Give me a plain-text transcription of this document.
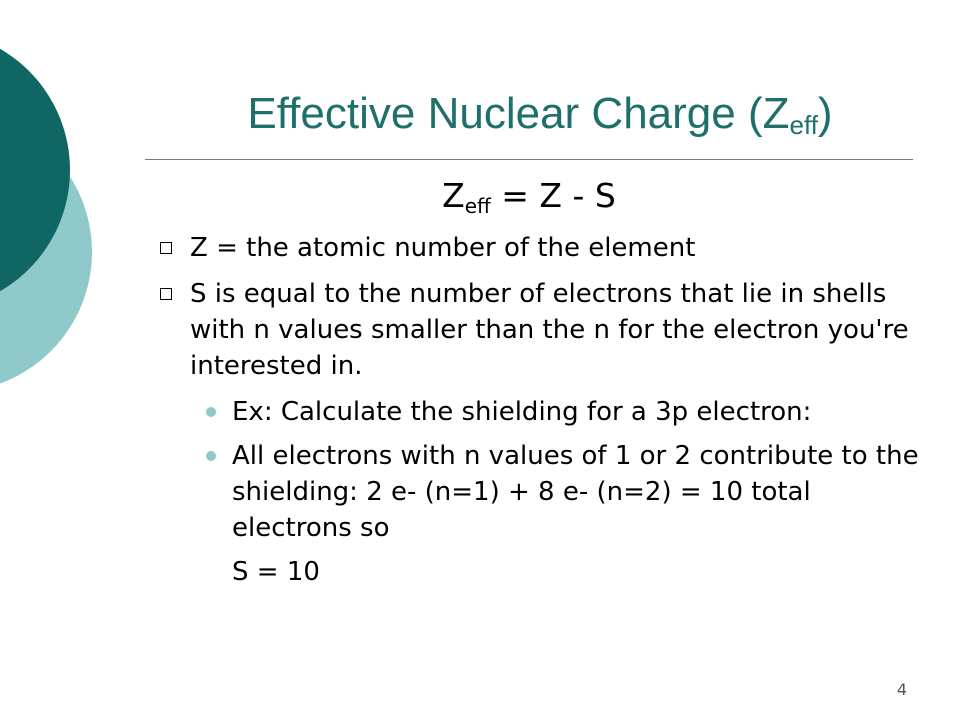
Effective Nuclear Charge $(Z_{eff})$
$Z_{eff} = Z - S$
Z = the atomic number of the element
S is equal to the number of electrons that lie in shells with n values smaller than the n for the electron you're interested in.
Ex: Calculate the shielding for a 3p electron:
All electrons with n values of 1 or 2 contribute to the shielding: 2 e- (n=1) + 8 e- (n=2) = 10 total electrons so
S = 10
4
